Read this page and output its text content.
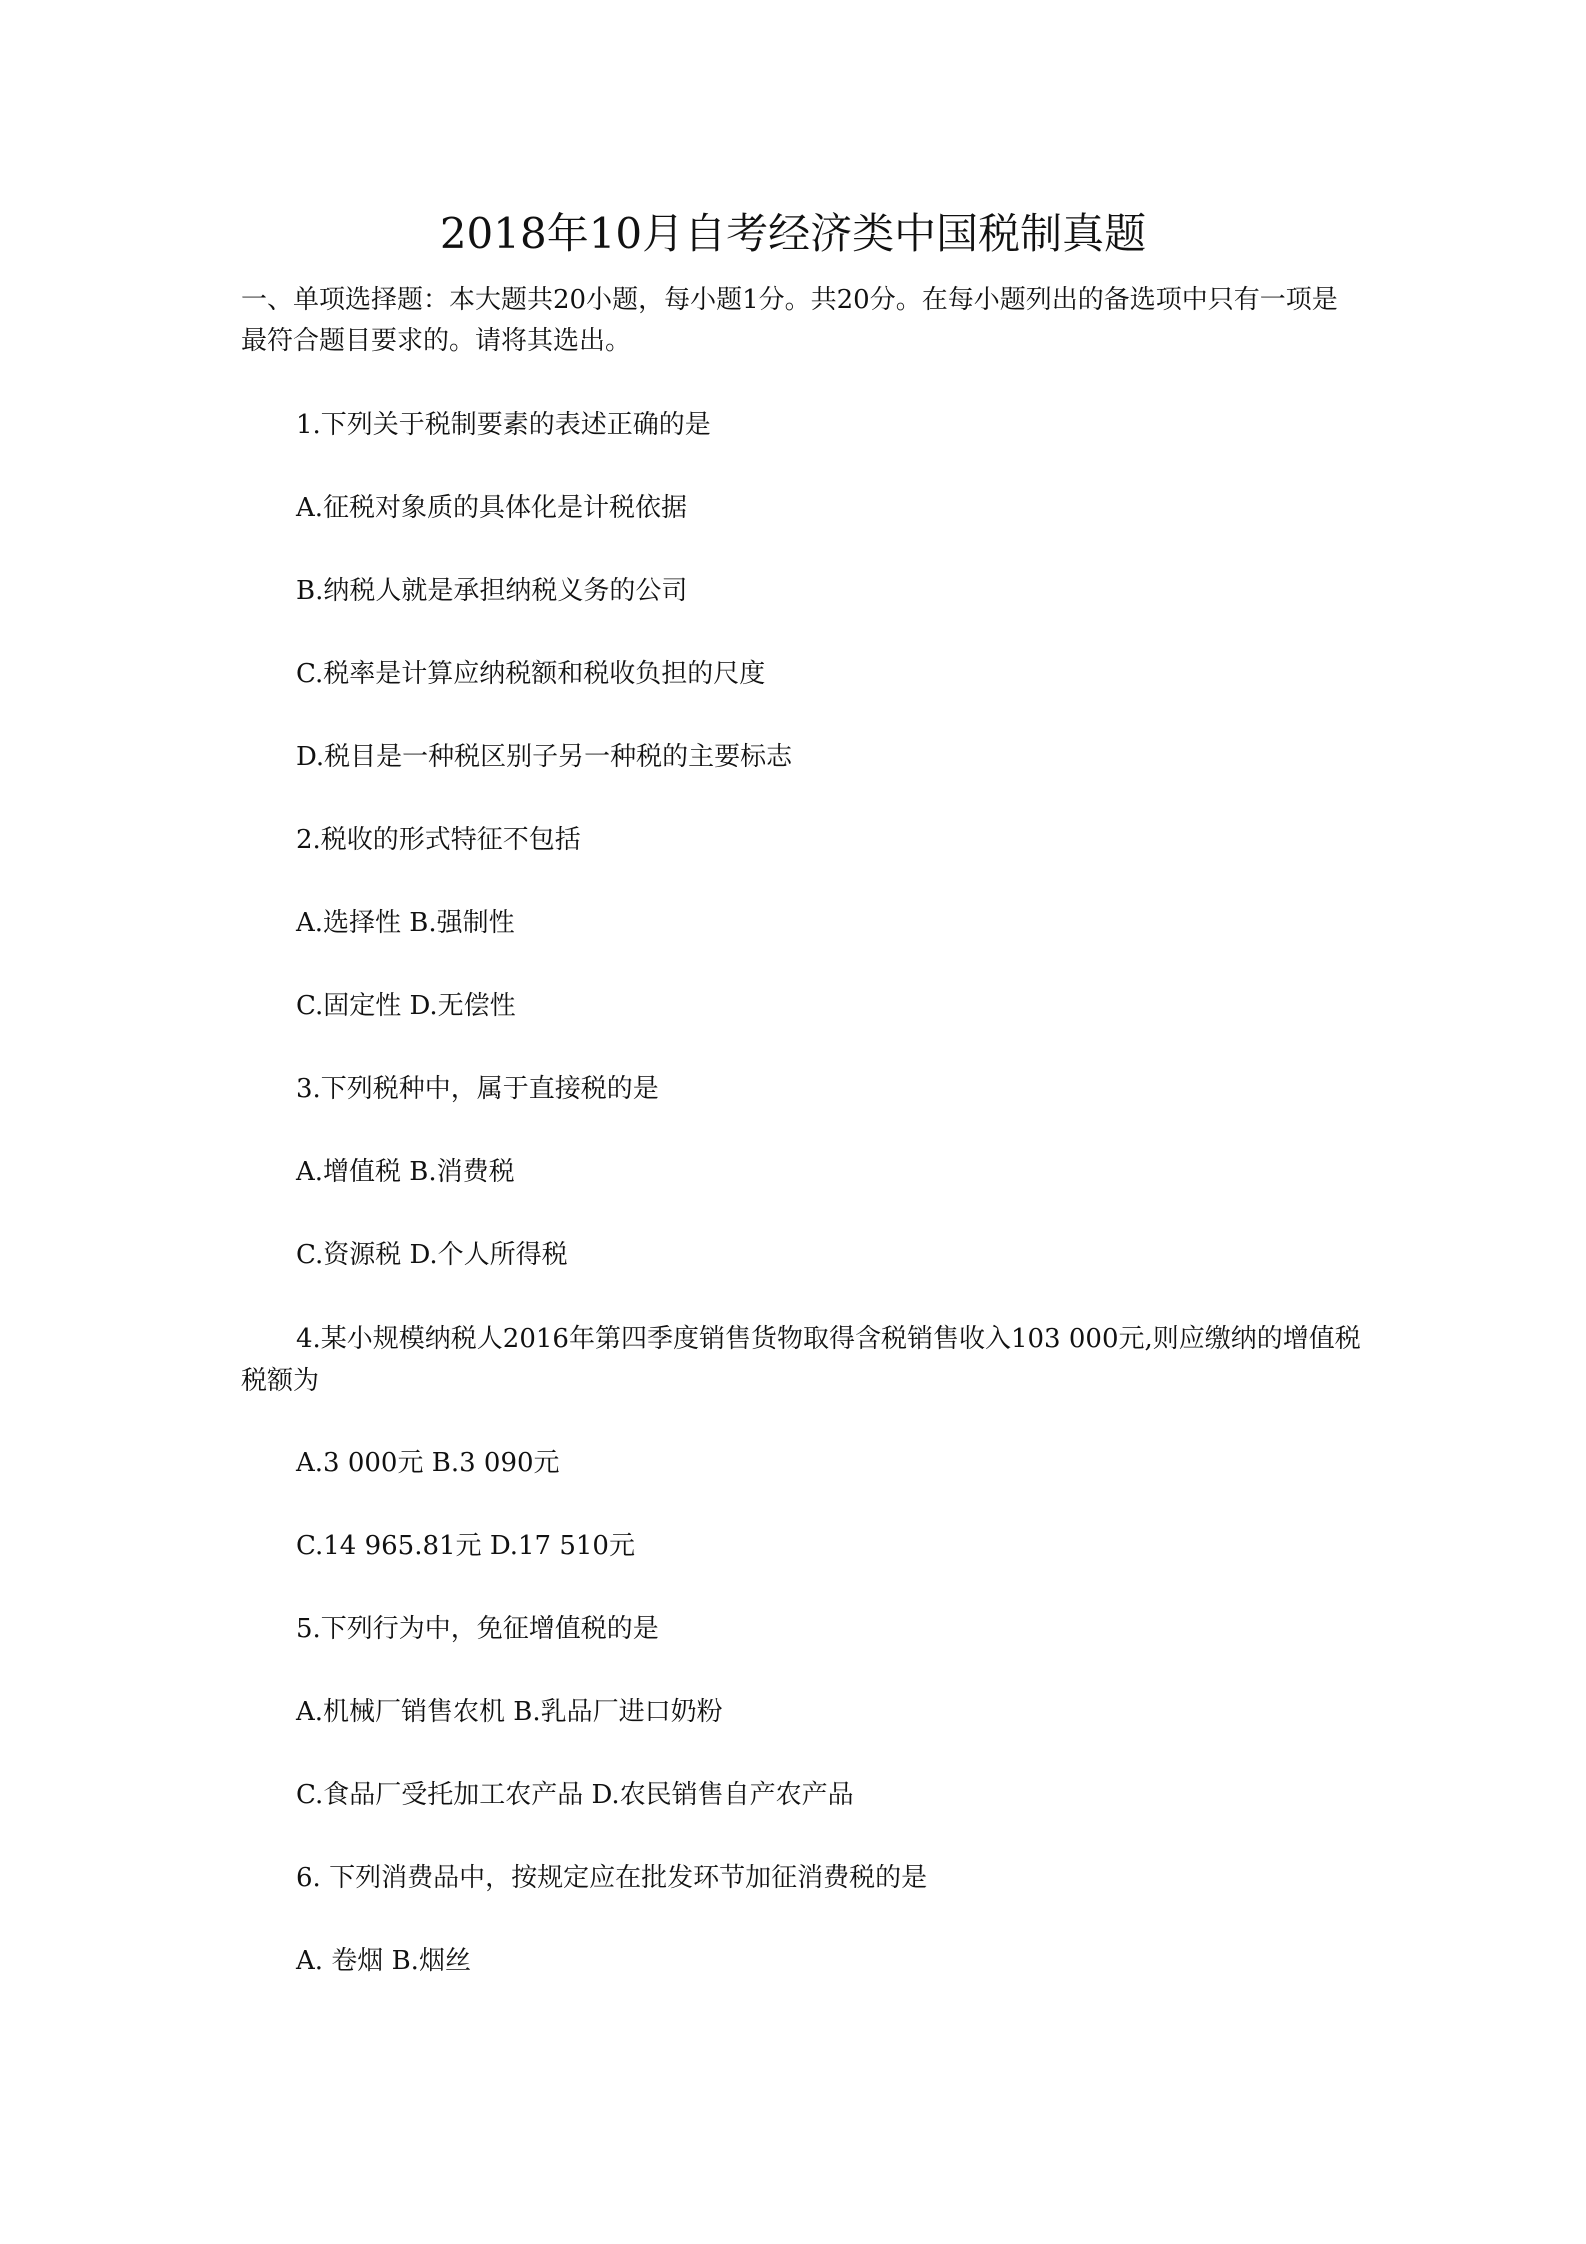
2018年10月自考经济类中国税制真题
一、单项选择题：本大题共20小题，每小题1分。共20分。在每小题列出的备选项中只有一项是最符合题目要求的。请将其选出。
1.下列关于税制要素的表述正确的是
A.征税对象质的具体化是计税依据
B.纳税人就是承担纳税义务的公司
C.税率是计算应纳税额和税收负担的尺度
D.税目是一种税区别子另一种税的主要标志
2.税收的形式特征不包括
A.选择性 B.强制性
C.固定性 D.无偿性
3.下列税种中，属于直接税的是
A.增值税 B.消费税
C.资源税 D.个人所得税
4.某小规模纳税人2016年第四季度销售货物取得含税销售收入103 000元,则应缴纳的增值税税额为
A.3 000元 B.3 090元
C.14 965.81元 D.17 510元
5.下列行为中，免征增值税的是
A.机械厂销售农机 B.乳品厂进口奶粉
C.食品厂受托加工农产品 D.农民销售自产农产品
6. 下列消费品中，按规定应在批发环节加征消费税的是
A. 卷烟 B.烟丝
